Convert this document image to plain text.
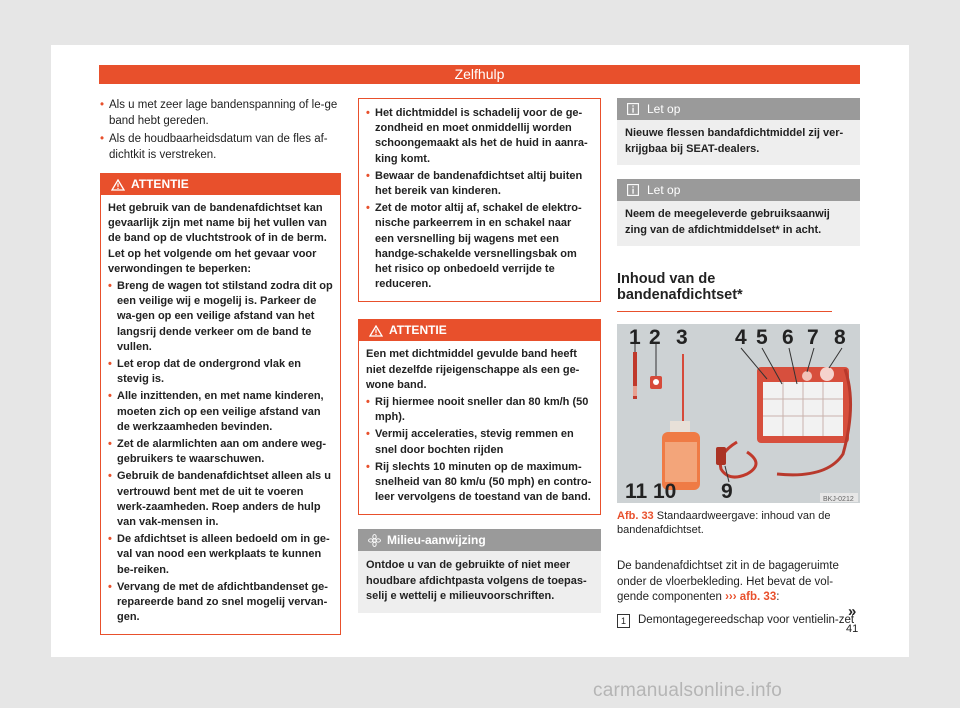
Zelfhulp

• Als u met zeer lage bandenspanning of le-ge band hebt gereden.

• Als de houdbaarheidsdatum van de fles af-dichtkit is verstreken.

ATTENTIE

Het gebruik van de bandenafdichtset kan gevaarlijk zijn met name bij het vullen van de band op de vluchtstrook of in de berm. Let op het volgende om het gevaar voor verwondingen te beperken:

• Breng de wagen tot stilstand zodra dit op een veilige wij e mogelij is. Parkeer de wa-gen op een veilige afstand van het langsrij dende verkeer om de band te vullen.

• Let erop dat de ondergrond vlak en stevig is.

• Alle inzittenden, en met name kinderen, moeten zich op een veilige afstand van de werkzaamheden bevinden.

• Zet de alarmlichten aan om andere weg-gebruikers te waarschuwen.

• Gebruik de bandenafdichtset alleen als u vertrouwd bent met de uit te voeren werk-zaamheden. Roep anders de hulp van vak-mensen in.

• De afdichtset is alleen bedoeld om in ge-val van nood een werkplaats te kunnen be-reiken.

• Vervang de met de afdichtbandenset ge-repareerde band zo snel mogelij vervan-gen.

• Het dichtmiddel is schadelij voor de ge-zondheid en moet onmiddellij worden schoongemaakt als het de huid in aanra-king komt.

• Bewaar de bandenafdichtset altij buiten het bereik van kinderen.

• Zet de motor altij af, schakel de elektro-nische parkeerrem in en schakel naar een versnelling bij wagens met een handge-schakelde versnellingsbak om het risico op onbedoeld verrijde te reduceren.

ATTENTIE

Een met dichtmiddel gevulde band heeft niet dezelfde rijeigenschappe als een ge-wone band.

• Rij hiermee nooit sneller dan 80 km/h (50 mph).

• Vermij acceleraties, stevig remmen en snel door bochten rijden

• Rij slechts 10 minuten op de maximum-snelheid van 80 km/u (50 mph) en contro-leer vervolgens de toestand van de band.

Milieu-aanwijzing
Ontdoe u van de gebruikte of niet meer houdbare afdichtpasta volgens de toepas-selij e wettelij e milieuvoorschriften.
Let op
Nieuwe flessen bandafdichtmiddel zij ver-krijgbaa bij SEAT-dealers.
Let op
Neem de meegeleverde gebruiksaanwij zing van de afdichtmiddelset* in acht.
Inhoud van de bandenafdichtset*
1 2 3 4 5 6 7 8
9
10
11	BKJ-0212
Afb. 33 Standaardweergave: inhoud van de bandenafdichtset.

De bandenafdichtset zit in de bagageruimte onder de vloerbekleding. Het bevat de vol-gende componenten ››› afb. 33:

1	Demontagegereedschap voor ventielin-zet
»
41
carmanualsonline.info
